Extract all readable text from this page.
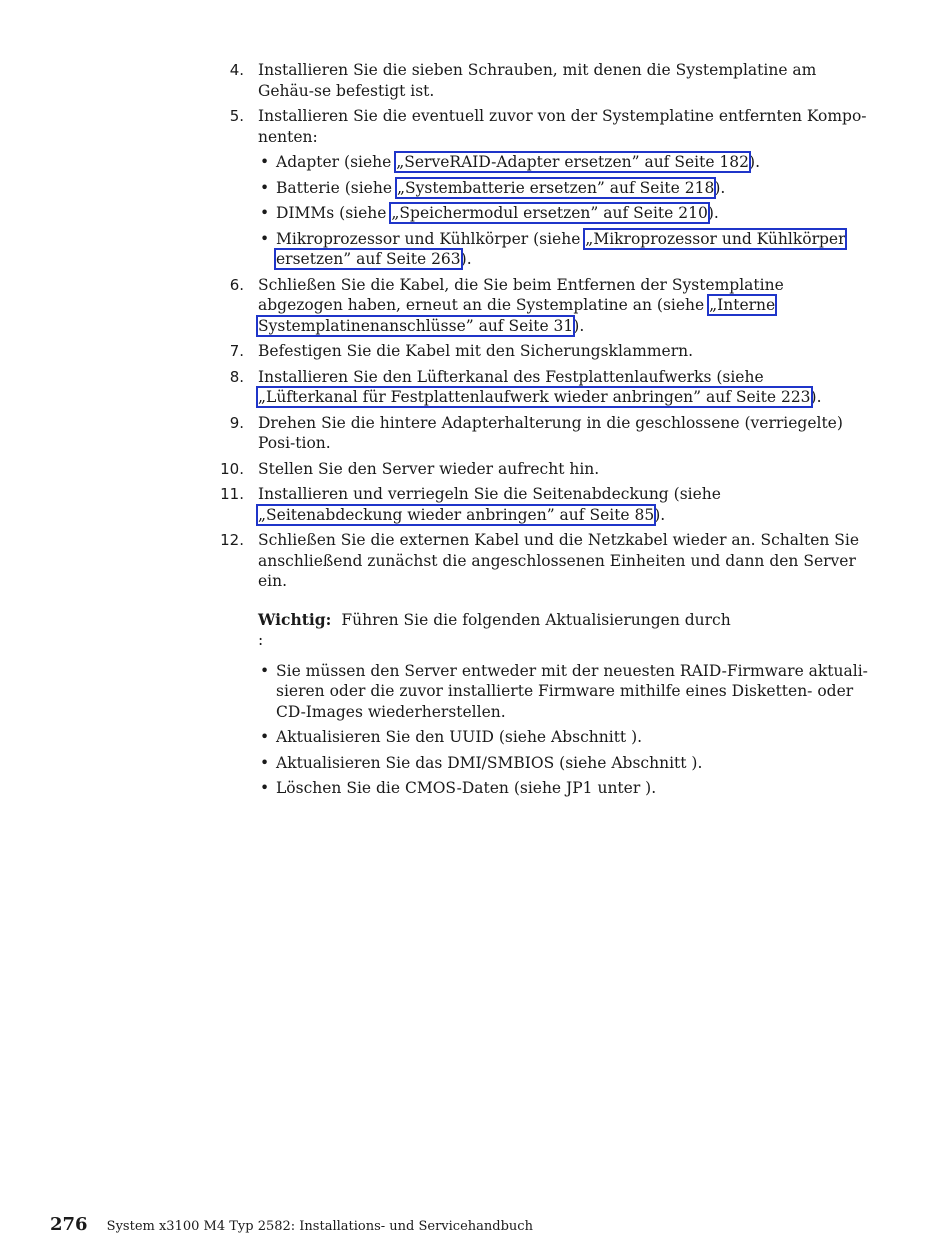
4. Installieren Sie die sieben Schrauben, mit denen die Systemplatine am Gehäu-se befestigt ist.
5. Installieren Sie die eventuell zuvor von der Systemplatine entfernten Kompo-nenten:
• Adapter (siehe „ServeRAID-Adapter ersetzen” auf Seite 182).
• Batterie (siehe „Systembatterie ersetzen” auf Seite 218).
• DIMMs (siehe „Speichermodul ersetzen” auf Seite 210).
• Mikroprozessor und Kühlkörper (siehe „Mikroprozessor und Kühlkörper ersetzen” auf Seite 263).
6. Schließen Sie die Kabel, die Sie beim Entfernen der Systemplatine abgezogen haben, erneut an die Systemplatine an (siehe „Interne Systemplatinenanschlüsse” auf Seite 31).
7. Befestigen Sie die Kabel mit den Sicherungsklammern.
8. Installieren Sie den Lüfterkanal des Festplattenlaufwerks (siehe „Lüfterkanal für Festplattenlaufwerk wieder anbringen” auf Seite 223).
9. Drehen Sie die hintere Adapterhalterung in die geschlossene (verriegelte) Posi-tion.
10. Stellen Sie den Server wieder aufrecht hin.
11. Installieren und verriegeln Sie die Seitenabdeckung (siehe „Seitenabdeckung wieder anbringen” auf Seite 85).
12. Schließen Sie die externen Kabel und die Netzkabel wieder an. Schalten Sie anschließend zunächst die angeschlossenen Einheiten und dann den Server ein.
Wichtig: Führen Sie die folgenden Aktualisierungen durch
:
• Sie müssen den Server entweder mit der neuesten RAID-Firmware aktuali-sieren oder die zuvor installierte Firmware mithilfe eines Disketten- oder CD-Images wiederherstellen.
• Aktualisieren Sie den UUID (siehe Abschnitt ).
• Aktualisieren Sie das DMI/SMBIOS (siehe Abschnitt ).
• Löschen Sie die CMOS-Daten (siehe JP1 unter ).
276 System x3100 M4 Typ 2582: Installations- und Servicehandbuch
